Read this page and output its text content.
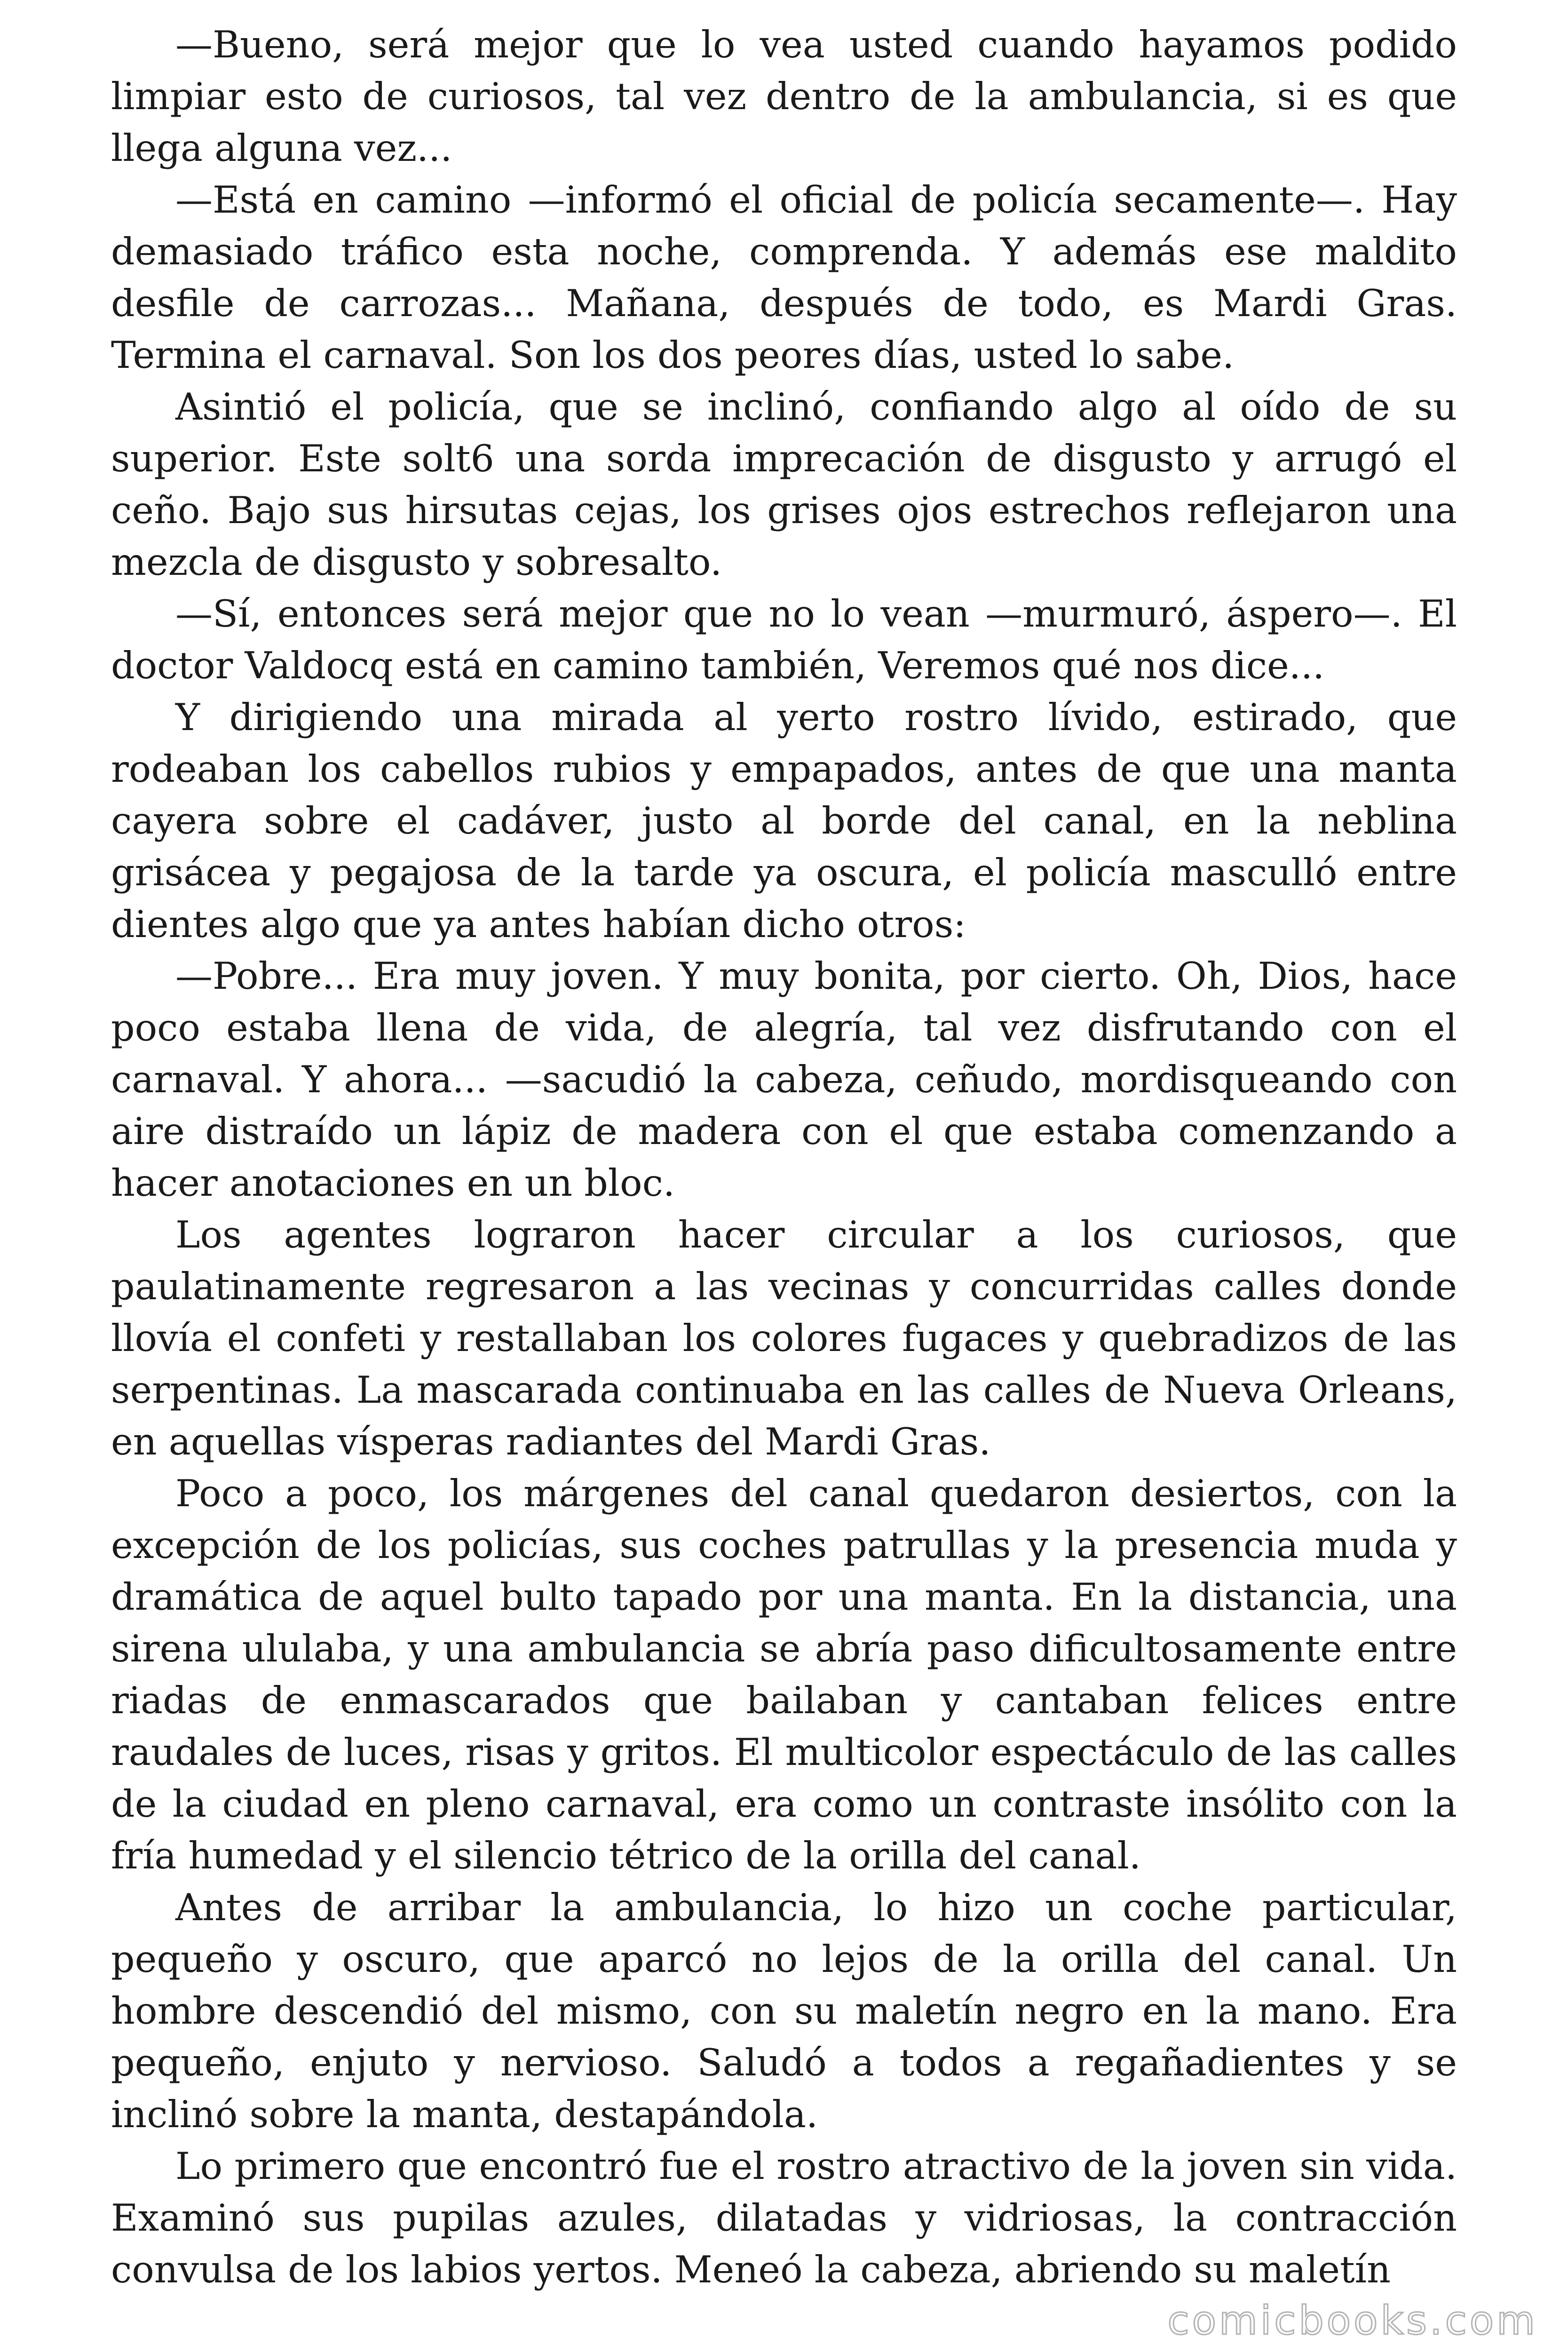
—Bueno, será mejor que lo vea usted cuando hayamos podido limpiar esto de curiosos, tal vez dentro de la ambulancia, si es que llega alguna vez...

—Está en camino —informó el oficial de policía secamente—. Hay demasiado tráfico esta noche, comprenda. Y además ese maldito desfile de carrozas... Mañana, después de todo, es Mardi Gras. Termina el carnaval. Son los dos peores días, usted lo sabe.

Asintió el policía, que se inclinó, confiando algo al oído de su superior. Este solt6 una sorda imprecación de disgusto y arrugó el ceño. Bajo sus hirsutas cejas, los grises ojos estrechos reflejaron una mezcla de disgusto y sobresalto.

—Sí, entonces será mejor que no lo vean —murmuró, áspero—. El doctor Valdocq está en camino también, Veremos qué nos dice...

Y dirigiendo una mirada al yerto rostro lívido, estirado, que rodeaban los cabellos rubios y empapados, antes de que una manta cayera sobre el cadáver, justo al borde del canal, en la neblina grisácea y pegajosa de la tarde ya oscura, el policía masculló entre dientes algo que ya antes habían dicho otros:

—Pobre... Era muy joven. Y muy bonita, por cierto. Oh, Dios, hace poco estaba llena de vida, de alegría, tal vez disfrutando con el carnaval. Y ahora... —sacudió la cabeza, ceñudo, mordisqueando con aire distraído un lápiz de madera con el que estaba comenzando a hacer anotaciones en un bloc.

Los agentes lograron hacer circular a los curiosos, que paulatinamente regresaron a las vecinas y concurridas calles donde llovía el confeti y restallaban los colores fugaces y quebradizos de las serpentinas. La mascarada continuaba en las calles de Nueva Orleans, en aquellas vísperas radiantes del Mardi Gras.

Poco a poco, los márgenes del canal quedaron desiertos, con la excepción de los policías, sus coches patrullas y la presencia muda y dramática de aquel bulto tapado por una manta. En la distancia, una sirena ululaba, y una ambulancia se abría paso dificultosamente entre riadas de enmascarados que bailaban y cantaban felices entre raudales de luces, risas y gritos. El multicolor espectáculo de las calles de la ciudad en pleno carnaval, era como un contraste insólito con la fría humedad y el silencio tétrico de la orilla del canal.

Antes de arribar la ambulancia, lo hizo un coche particular, pequeño y oscuro, que aparcó no lejos de la orilla del canal. Un hombre descendió del mismo, con su maletín negro en la mano. Era pequeño, enjuto y nervioso. Saludó a todos a regañadientes y se inclinó sobre la manta, destapándola.

Lo primero que encontró fue el rostro atractivo de la joven sin vida. Examinó sus pupilas azules, dilatadas y vidriosas, la contracción convulsa de los labios yertos. Meneó la cabeza, abriendo su maletín

comicbooks.com
